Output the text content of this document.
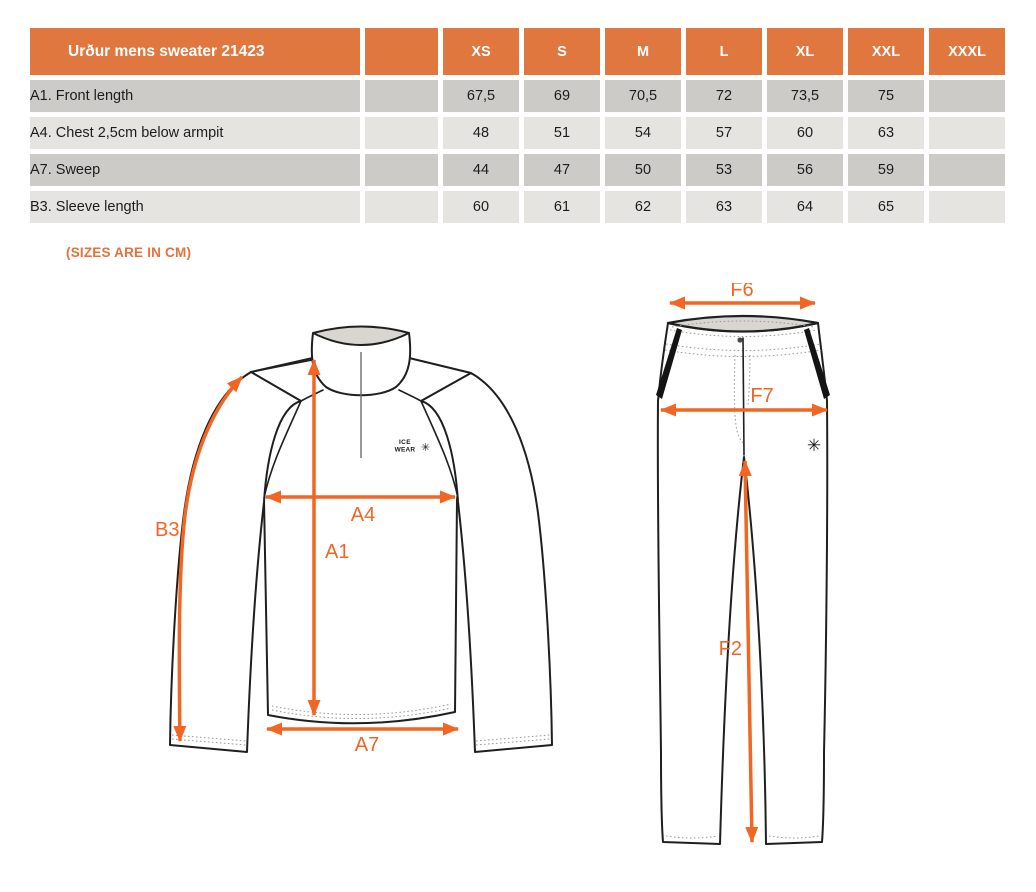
Urður mens sweater 21423		XS	S	M	L	XL	XXL	XXXL
A1. Front length		67,5	69	70,5	72	73,5	75	
A4. Chest 2,5cm below armpit		48	51	54	57	60	63	
A7. Sweep		44	47	50	53	56	59	
B3. Sleeve length		60	61	62	63	64	65	
(SIZES ARE IN CM)
ICE
WEAR ✳
B3
A4
A1
A7
✳
F6
F7
F2
